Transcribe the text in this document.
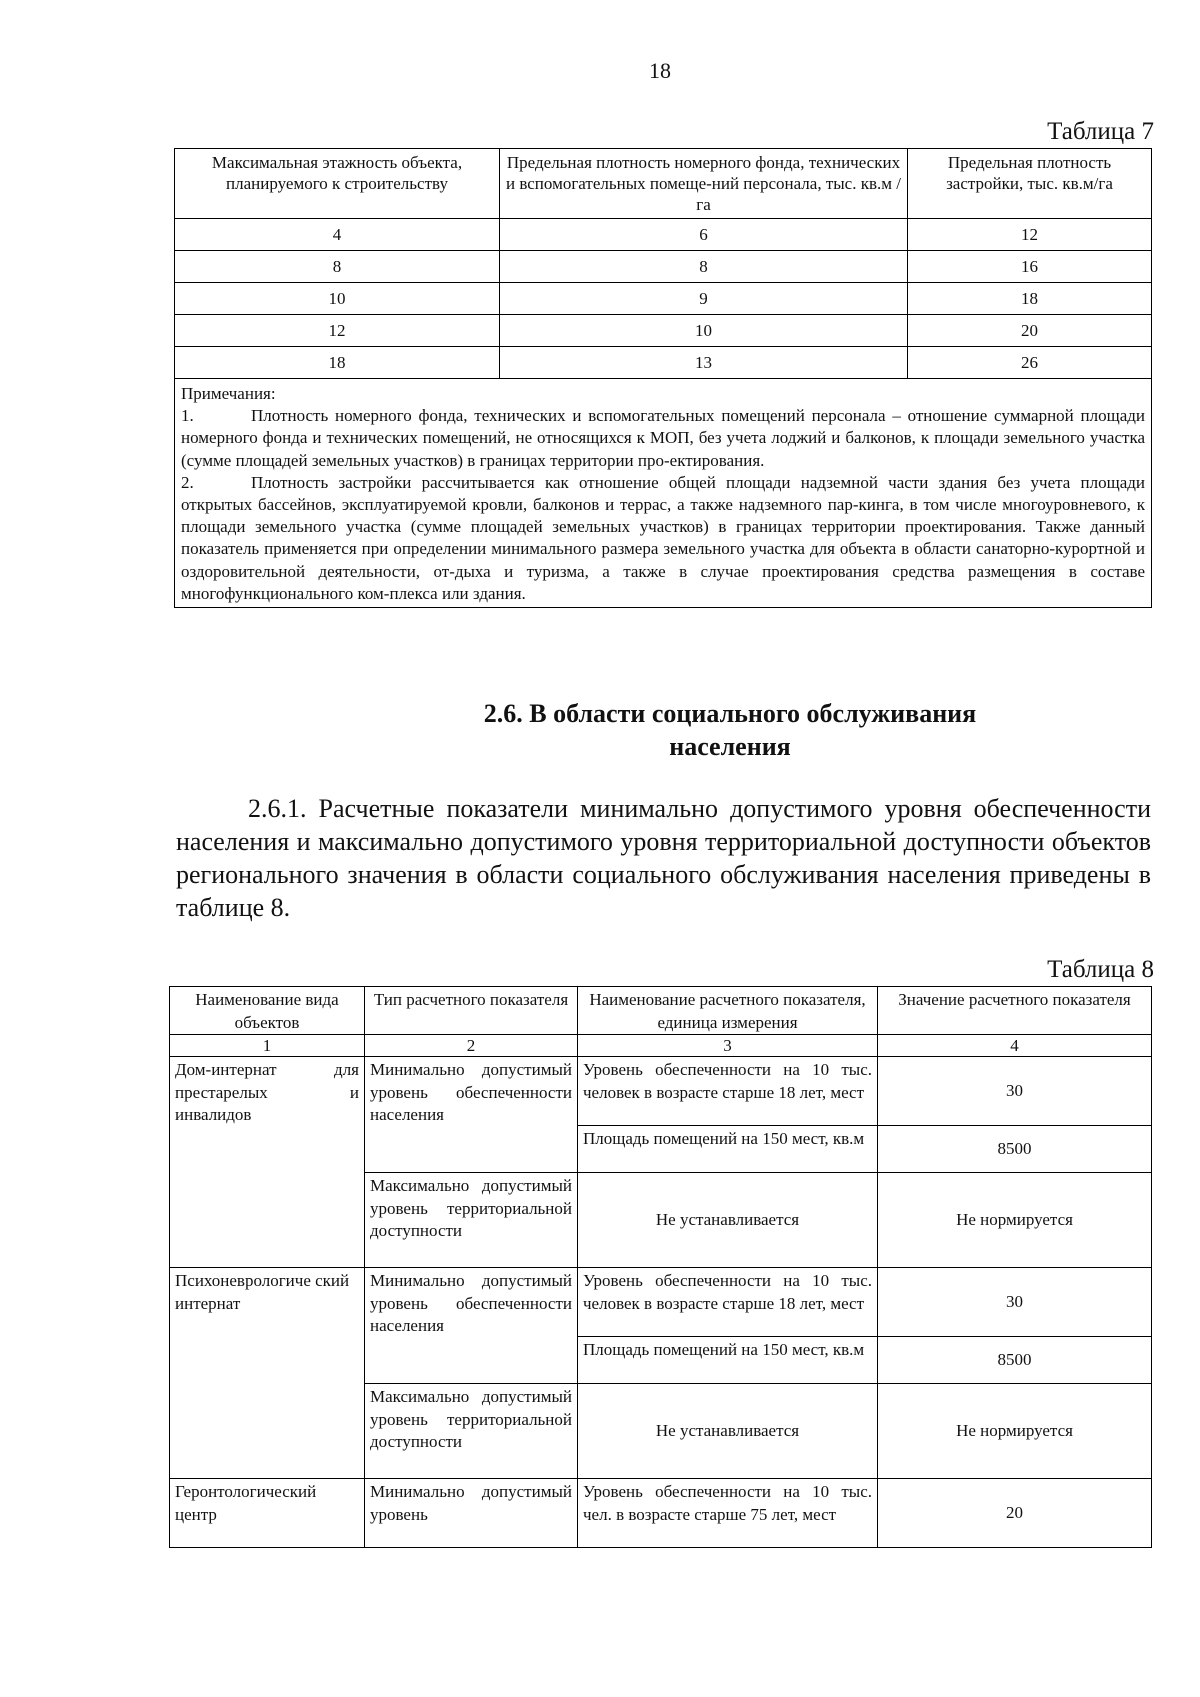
18
Таблица 7
Максимальная этажность объекта, планируемого к строительству	Предельная плотность номерного фонда, технических и вспомогательных помеще-ний персонала, тыс. кв.м /га	Предельная плотность застройки, тыс. кв.м/га
4	6	12
8	8	16
10	9	18
12	10	20
18	13	26

Примечания:
1. Плотность номерного фонда, технических и вспомогательных помещений персонала – отношение суммарной площади номерного фонда и технических помещений, не относящихся к МОП, без учета лоджий и балконов, к площади земельного участка (сумме площадей земельных участков) в границах территории про-ектирования.
2. Плотность застройки рассчитывается как отношение общей площади надземной части здания без учета площади открытых бассейнов, эксплуатируемой кровли, балконов и террас, а также надземного пар-кинга, в том числе многоуровневого, к площади земельного участка (сумме площадей земельных участков) в границах территории проектирования. Также данный показатель применяется при определении минимального размера земельного участка для объекта в области санаторно-курортной и оздоровительной деятельности, от-дыха и туризма, а также в случае проектирования средства размещения в составе многофункционального ком-плекса или здания.		
2.6. В области социального обслуживания
населения
2.6.1. Расчетные показатели минимально допустимого уровня обеспеченности населения и максимально допустимого уровня территориальной доступности объектов регионального значения в области социального обслуживания населения приведены в таблице 8.
Таблица 8
Наименование вида объектов	Тип расчетного показателя	Наименование расчетного показателя, единица измерения	Значение расчетного показателя
1	2	3	4
Дом-интернат для престарелых и инвалидов	Минимально допустимый уровень обеспеченности населения	Уровень обеспеченности на 10 тыс. человек в возрасте старше 18 лет, мест	30
		Площадь помещений на 150 мест, кв.м	8500
	Максимально допустимый уровень территориальной доступности	Не устанавливается	Не нормируется
Психоневрологиче ский интернат	Минимально допустимый уровень обеспеченности населения	Уровень обеспеченности на 10 тыс. человек в возрасте старше 18 лет, мест	30
		Площадь помещений на 150 мест, кв.м	8500
	Максимально допустимый уровень территориальной доступности	Не устанавливается	Не нормируется
Геронтологический центр	Минимально допустимый уровень	Уровень обеспеченности на 10 тыс. чел. в возрасте старше 75 лет, мест	20
